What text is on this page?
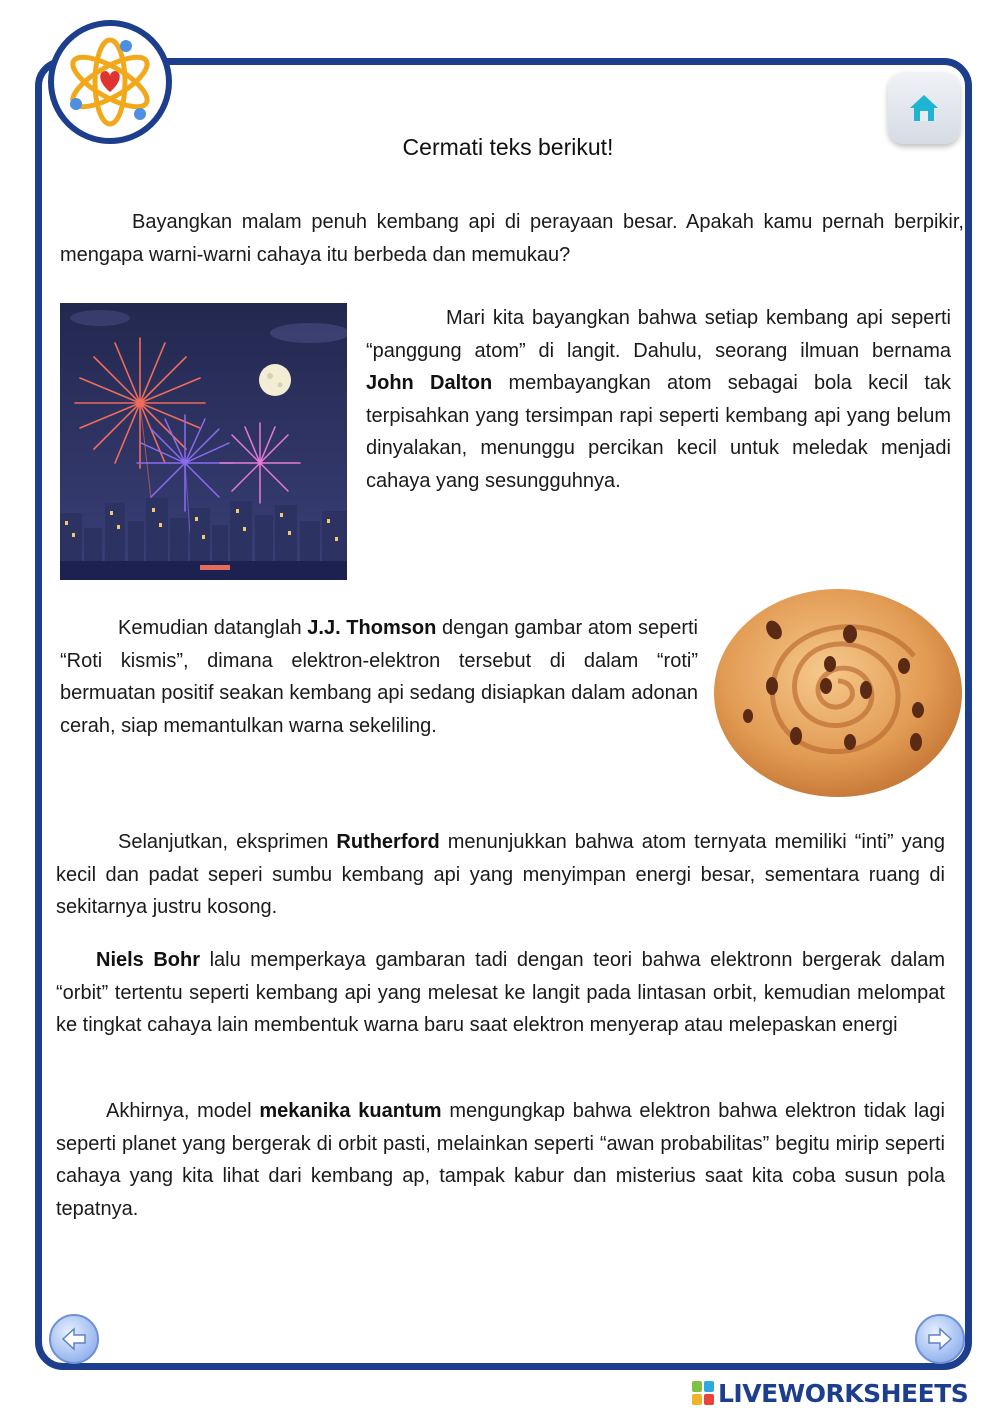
Cermati teks berikut!
Bayangkan malam penuh kembang api di perayaan besar. Apakah kamu pernah berpikir, mengapa warni-warni cahaya itu berbeda dan memukau?
Mari kita bayangkan bahwa setiap kembang api seperti “panggung atom” di langit. Dahulu, seorang ilmuan bernama John Dalton membayangkan atom sebagai bola kecil tak terpisahkan yang tersimpan rapi seperti kembang api yang belum dinyalakan, menunggu percikan kecil untuk meledak menjadi cahaya yang sesungguhnya.
Kemudian datanglah J.J. Thomson dengan gambar atom seperti “Roti kismis”, dimana elektron-elektron tersebut di dalam “roti” bermuatan positif seakan kembang api sedang disiapkan dalam adonan cerah, siap memantulkan warna sekeliling.
Selanjutkan, eksprimen Rutherford menunjukkan bahwa atom ternyata memiliki “inti” yang kecil dan padat seperi sumbu kembang api yang menyimpan energi besar, sementara ruang di sekitarnya justru kosong.
Niels Bohr lalu memperkaya gambaran tadi dengan teori bahwa elektronn bergerak dalam “orbit” tertentu seperti kembang api yang melesat ke langit pada lintasan orbit, kemudian melompat ke tingkat cahaya lain membentuk warna baru saat elektron menyerap atau melepaskan energi
Akhirnya, model mekanika kuantum mengungkap bahwa elektron bahwa elektron tidak lagi seperti planet yang bergerak di orbit pasti, melainkan seperti “awan probabilitas” begitu mirip seperti cahaya yang kita lihat dari kembang ap, tampak kabur dan misterius saat kita coba susun pola tepatnya.
LIVEWORKSHEETS
